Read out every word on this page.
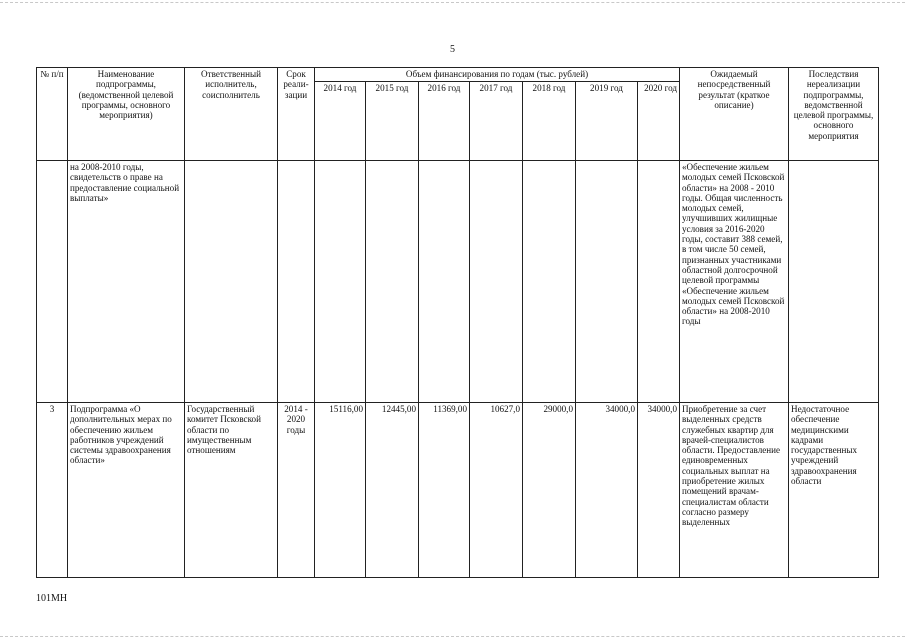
5
№ п/п	Наименование подпрограммы, (ведомственной целевой программы, основного мероприятия)	Ответственный исполнитель, соисполнитель	Срок реали-зации	Объем финансирования по годам (тыс. рублей)							Ожидаемый непосредственный результат (краткое описание)	Последствия нереализации подпрограммы, ведомственной целевой программы, основного мероприятия
				2014 год	2015 год	2016 год	2017 год	2018 год	2019 год	2020 год		
	на 2008-2010 годы, свидетельств о праве на предоставление социальной выплаты»										«Обеспечение жильем молодых семей Псковской области» на 2008 - 2010 годы. Общая численность молодых семей, улучшивших жилищные условия за 2016-2020 годы, составит 388 семей, в том числе 50 семей, признанных участниками областной долгосрочной целевой программы «Обеспечение жильем молодых семей Псковской области» на 2008-2010 годы	
3	Подпрограмма «О дополнительных мерах по обеспечению жильем работников учреждений системы здравоохранения области»	Государственный комитет Псковской области по имущественным отношениям	2014 - 2020 годы	15116,00	12445,00	11369,00	10627,0	29000,0	34000,0	34000,0	Приобретение за счет выделенных средств служебных квартир для врачей-специалистов области. Предоставление единовременных социальных выплат на приобретение жилых помещений врачам-специалистам области согласно размеру выделенных	Недостаточное обеспечение медицинскими кадрами государственных учреждений здравоохранения области
101МН
